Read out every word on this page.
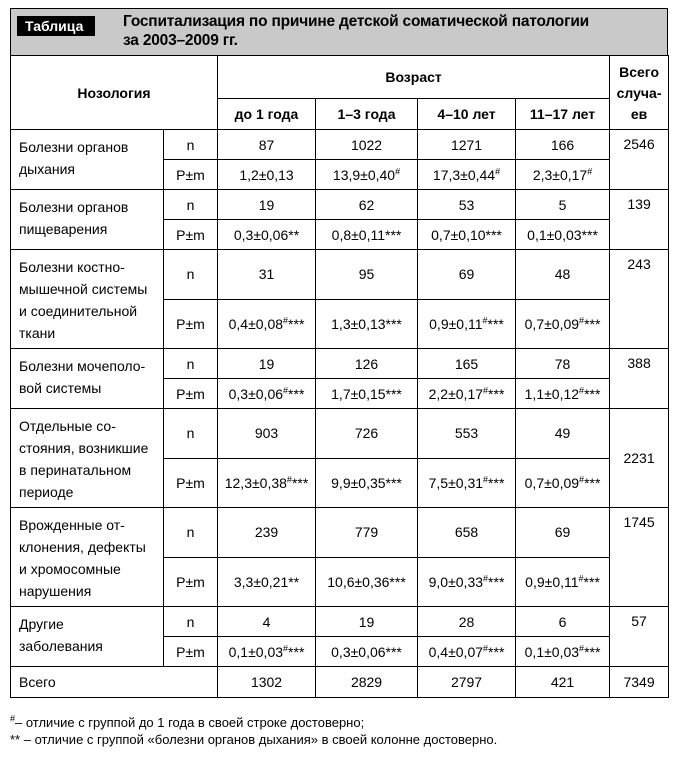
Таблица	Госпитализация по причине детской соматической патологии
за 2003–2009 гг.
Нозология		Возраст				Всего
случа-
ев

		до 1 года	1–3 года	4–10 лет	11–17 лет	

Болезни органов
дыхания	n	87	1022	1271	166	2546
	P±m	1,2±0,13	13,9±0,40#	17,3±0,44#	2,3±0,17#

Болезни органов
пищеварения	n	19	62	53	5	139
	P±m	0,3±0,06**	0,8±0,11***	0,7±0,10***	0,1±0,03***	

Болезни костно-
мышечной системы
и соединительной
ткани	n	31	95	69	48	243
	P±m	0,4±0,08#***	1,3±0,13***	0,9±0,11#***	0,7±0,09#***	

Болезни мочеполо-
вой системы	n	19	126	165	78	388
	P±m	0,3±0,06#***	1,7±0,15***	2,2±0,17#***	1,1±0,12#***	

Отдельные со-
стояния, возникшие
в перинатальном
периоде	n	903	726	553	49	2231
	P±m	12,3±0,38#***	9,9±0,35***	7,5±0,31#***	0,7±0,09#***	

Врожденные от-
клонения, дефекты
и хромосомные
нарушения	n	239	779	658	69	1745
	P±m	3,3±0,21**	10,6±0,36***	9,0±0,33#***	0,9±0,11#***	

Другие
заболевания	n	4	19	28	6	57
	P±m	0,1±0,03#***	0,3±0,06***	0,4±0,07#***	0,1±0,03#***	
Всего		1302	2829	2797	421	7349
#– отличие с группой до 1 года в своей строке достоверно;
** – отличие с группой «болезни органов дыхания» в своей колонне достоверно.
